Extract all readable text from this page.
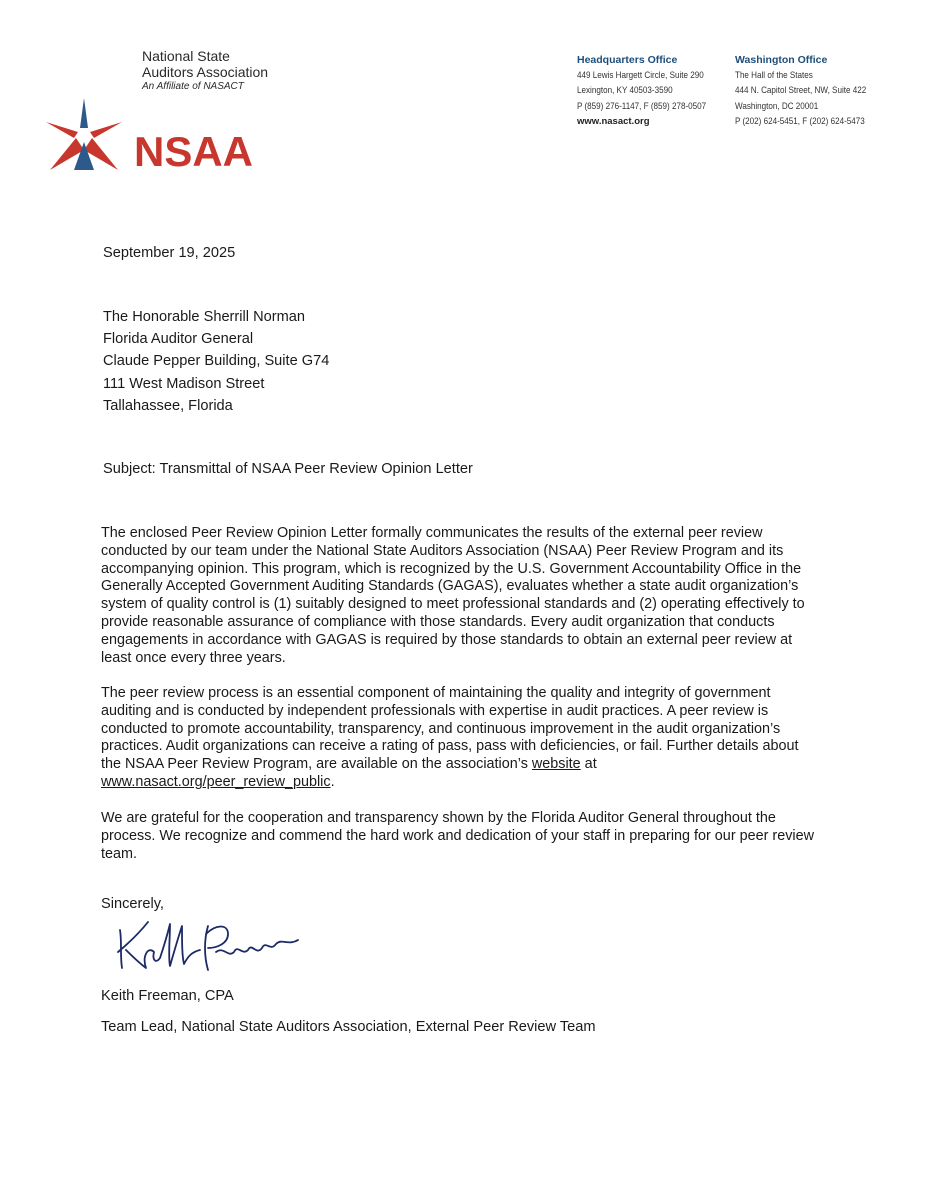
National State
Auditors Association
An Affiliate of NASACT
NSAA
Headquarters Office
449 Lewis Hargett Circle, Suite 290
Lexington, KY 40503-3590
P (859) 276-1147, F (859) 278-0507
www.nasact.org
Washington Office
The Hall of the States
444 N. Capitol Street, NW, Suite 422
Washington, DC 20001
P (202) 624-5451, F (202) 624-5473
September 19, 2025
The Honorable Sherrill Norman
Florida Auditor General
Claude Pepper Building, Suite G74
111 West Madison Street
Tallahassee, Florida
Subject: Transmittal of NSAA Peer Review Opinion Letter
The enclosed Peer Review Opinion Letter formally communicates the results of the external peer review conducted by our team under the National State Auditors Association (NSAA) Peer Review Program and its accompanying opinion. This program, which is recognized by the U.S. Government Accountability Office in the Generally Accepted Government Auditing Standards (GAGAS), evaluates whether a state audit organization’s system of quality control is (1) suitably designed to meet professional standards and (2) operating effectively to provide reasonable assurance of compliance with those standards. Every audit organization that conducts engagements in accordance with GAGAS is required by those standards to obtain an external peer review at least once every three years.
The peer review process is an essential component of maintaining the quality and integrity of government auditing and is conducted by independent professionals with expertise in audit practices. A peer review is conducted to promote accountability, transparency, and continuous improvement in the audit organization’s practices. Audit organizations can receive a rating of pass, pass with deficiencies, or fail. Further details about the NSAA Peer Review Program, are available on the association’s website at www.nasact.org/peer_review_public.
We are grateful for the cooperation and transparency shown by the Florida Auditor General throughout the process. We recognize and commend the hard work and dedication of your staff in preparing for our peer review team.
Sincerely,
Keith Freeman, CPA
Team Lead, National State Auditors Association, External Peer Review Team
